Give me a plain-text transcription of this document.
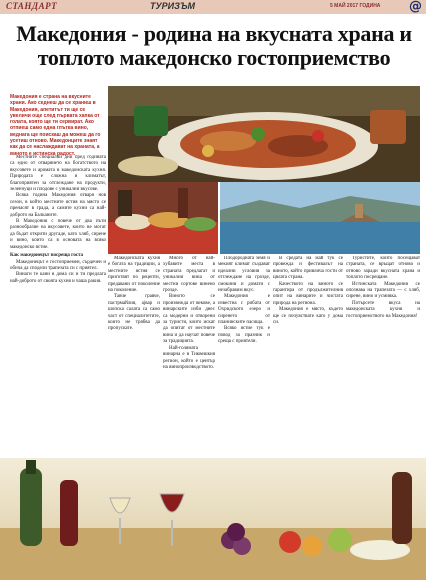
СТАНДАРТ	ТУРИЗЪМ	5 МАЙ 2017 ГОДИНА @
Македония - родина на вкусната храна и топлото македонско гостоприемство
Македония е страна на вкусните храни. Ако седнеш да се храниш в Македония, апетитът ти ще се увеличи още след първата хапка от голата, която ще ти сервират. Ако отпиеш само една глътка вино, веднага ще поискаш да можеш да го усетиш отново. Македонците знаят как да се наслаждават на храната, а виното е истинска радост.

Местните специални дни пред годината са едно от отварянето на богатството на вкусовете и аромата в македонската кухня. Природата е сложна и климатът, благоприятен за отглеждане на продукти, зеленчуци и плодове с уникални вкусове.

Всяка година Македония отваря нов сезон, в който местните ястия на място се пренасят в града, а самите кухни са най-доброто на Балканите.

В Македония с повече от два пъти разнообразие на вкусовете, които не могат да бъдат открити другаде, като хляб, сирене и вино, които са в основата на всяко македонско ястие.

Как македонецът посреща госта

Македонецът е гостоприемен, сърдечен и обича да сподели трапезата си с приятел.

Винаги те кани в дома си и ти предлага най-доброто от своята кухня и чаша ракия.

Македонската кухня е богата на традиции, а местните ястия се приготвят по рецепти, предавани от поколение на поколение.

Тавче гравче, пастрмайлия, ајвар и шопска салата са само част от специалитетите, които не трябва да пропускате.

Много от най-хубавите места в страната предлагат и уникални вина от местни сортове винено грозде.

Виното се произвежда от векове, а винарските изби днес са модерни и отворени за туристи, които искат да опитат от местните вина и да научат повече за традицията.

Най-голямата винарна е в Тиквешкия регион, който е център на винопроизводството.

Плодородната земя и мекият климат създават идеални условия за отглеждане на грозде, смокини и домати с незабравим вкус.

Македония е известна с рибата от Охридското езеро и сиренето от планинските пасища.

Всяко ястие тук е повод за празник и среща с приятели.

В средата на май тук се провежда и фестивалът на виното, който привлича гости от цялата страна.

Качеството на виното се гарантира от продължителния опит на винарите и чистата природа на региона.

Македония е място, където ще се почувствате като у дома си.

Туристите, които посещават страната, се връщат отново и отново заради вкусната храна и топлото посрещане.

Истинската Македония се опознава на трапезата — с хляб, сирене, вино и усмивка.

Потърсете вкуса на македонската кухня и гостоприемството на Македония!
